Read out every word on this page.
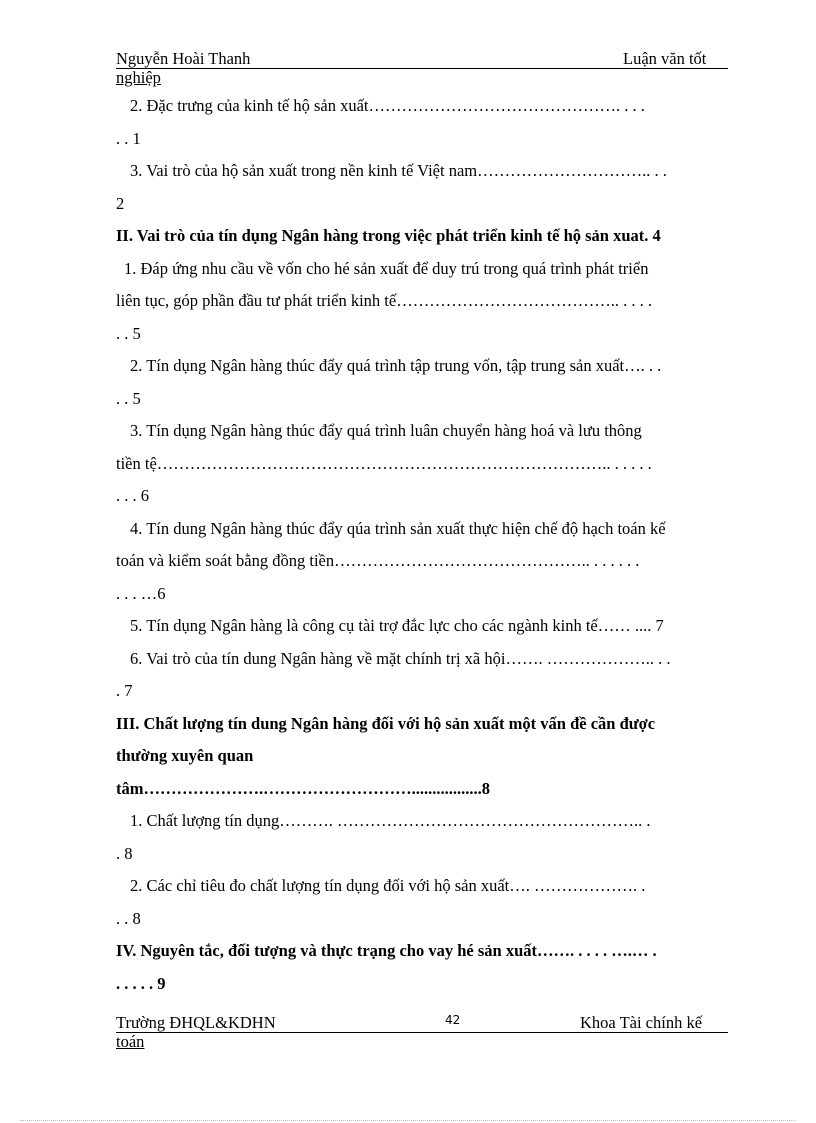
Nguyễn Hoài Thanh	Luận văn tốt
nghiệp
2. Đặc trưng của kinh tế hộ sản xuất………………………………………. . . .
. . 1
3. Vai trò của hộ sản xuất trong nền kinh tế Việt nam………………………….. . .
2
II. Vai trò của tín dụng Ngân hàng trong việc phát triển kinh tế hộ sản xuat. 4
1. Đáp ứng nhu cầu về vốn cho hé sản xuất để duy trú trong quá trình phát triển
liên tục, góp phần đầu tư phát triển kinh tế………………………………….. . . . .
. . 5
2. Tín dụng Ngân hàng thúc đẩy quá trình tập trung vốn, tập trung sản xuất…. . .
. . 5
3. Tín dụng Ngân hàng thúc đẩy quá trình luân chuyển hàng hoá và lưu thông
tiền tệ……………………………………………………………………….. . . . . .
. . . 6
4. Tín dung Ngân hàng thúc đẩy qúa trình sản xuất thực hiện chế độ hạch toán kế
toán và kiểm soát bằng đồng tiền……………………………………….. . . . . . .
. . . …6
5. Tín dụng Ngân hàng là công cụ tài trợ đắc lực cho các ngành kinh tế…… .... 7
6. Vai trò của tín dung Ngân hàng về mặt chính trị xã hội……. ……………….. . .
. 7
III. Chất lượng tín dung Ngân hàng đối với hộ sản xuất một vấn đề cần được
thường xuyên quan
tâm………………….……………………….................8
1. Chất lượng tín dụng………. ……………………………………………….. .
. 8
2. Các chỉ tiêu đo chất lượng tín dụng đối với hộ sản xuất…. ………………. .
. . 8
IV. Nguyên tắc, đối tượng và thực trạng cho vay hé sản xuất……. . . . . ….… .
. . . . . 9
Trường ĐHQL&KDHN	42	Khoa Tài chính kế
toán
